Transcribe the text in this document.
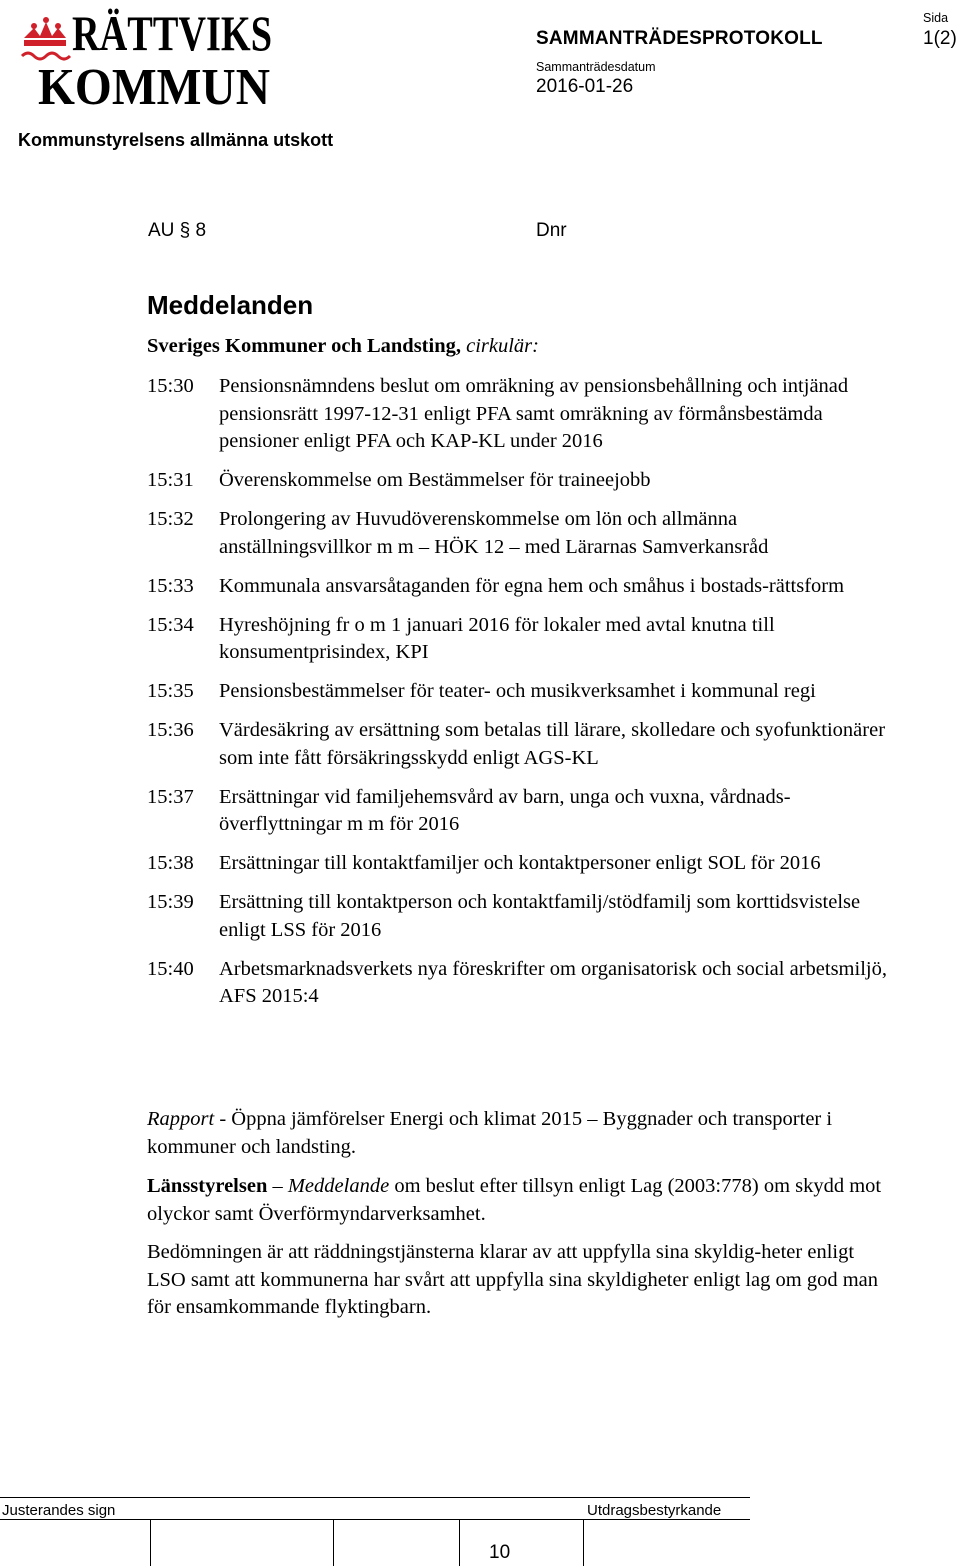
RÄTTVIKS
KOMMUN
SAMMANTRÄDESPROTOKOLL
Sammanträdesdatum
2016-01-26
Sida
1(2)
Kommunstyrelsens allmänna utskott
AU § 8	Dnr
Meddelanden
Sveriges Kommuner och Landsting, cirkulär:
15:30	Pensionsnämndens beslut om omräkning av pensionsbehållning och intjänad pensionsrätt 1997-12-31 enligt PFA samt omräkning av förmånsbestämda pensioner enligt PFA och KAP-KL under 2016
15:31	Överenskommelse om Bestämmelser för traineejobb
15:32	Prolongering av Huvudöverenskommelse om lön och allmänna anställningsvillkor m m – HÖK 12 – med Lärarnas Samverkansråd
15:33	Kommunala ansvarsåtaganden för egna hem och småhus i bostads-rättsform
15:34	Hyreshöjning fr o m 1 januari 2016 för lokaler med avtal knutna till konsumentprisindex, KPI
15:35	Pensionsbestämmelser för teater- och musikverksamhet i kommunal regi
15:36	Värdesäkring av ersättning som betalas till lärare, skolledare och syofunktionärer som inte fått försäkringsskydd enligt AGS-KL
15:37	Ersättningar vid familjehemsvård av barn, unga och vuxna, vårdnads-överflyttningar m m för 2016
15:38	Ersättningar till kontaktfamiljer och kontaktpersoner enligt SOL för 2016
15:39	Ersättning till kontaktperson och kontaktfamilj/stödfamilj som korttidsvistelse enligt LSS för 2016
15:40	Arbetsmarknadsverkets nya föreskrifter om organisatorisk och social arbetsmiljö, AFS 2015:4

Rapport - Öppna jämförelser Energi och klimat 2015 – Byggnader och transporter i kommuner och landsting.

Länsstyrelsen – Meddelande om beslut efter tillsyn enligt Lag (2003:778) om skydd mot olyckor samt Överförmyndarverksamhet.

Bedömningen är att räddningstjänsterna klarar av att uppfylla sina skyldig-heter enligt LSO samt att kommunerna har svårt att uppfylla sina skyldigheter enligt lag om god man för ensamkommande flyktingbarn.

Justerandes sign	Utdragsbestyrkande
10
